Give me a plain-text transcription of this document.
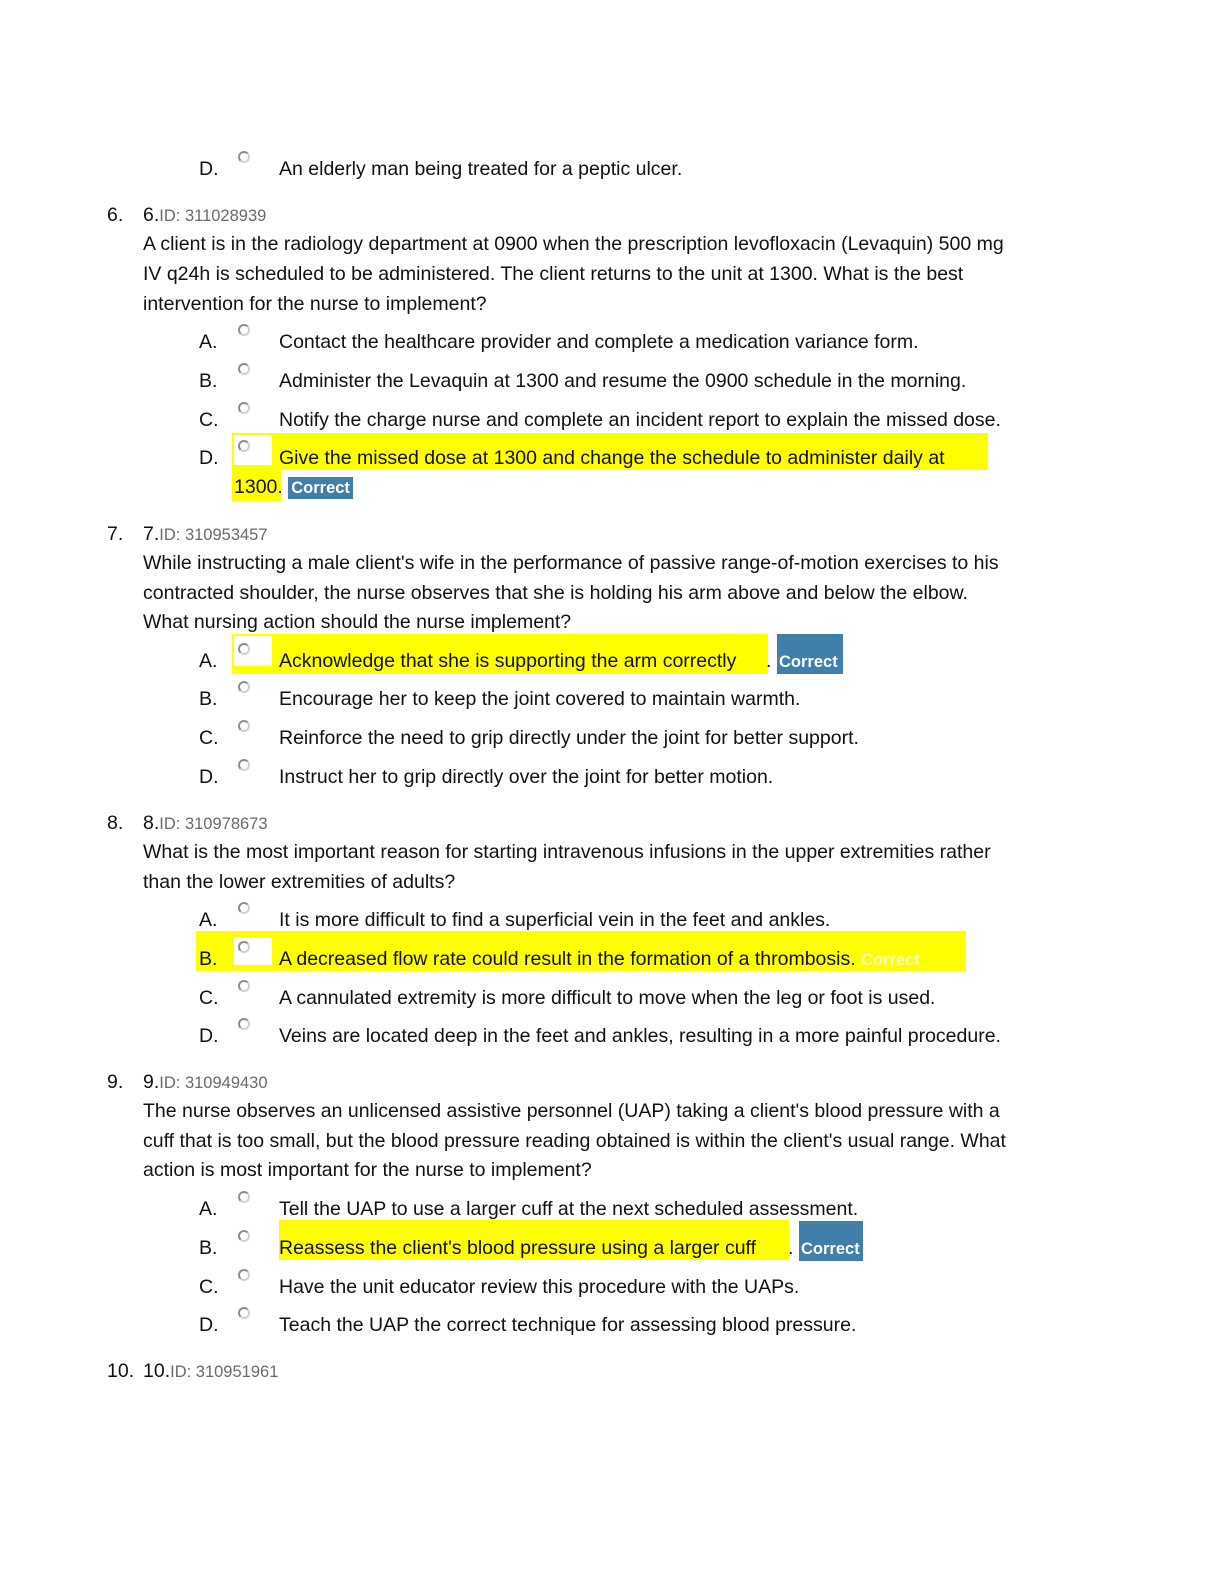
D.	An elderly man being treated for a peptic ulcer.
6. 6.ID: 311028939
A client is in the radiology department at 0900 when the prescription levofloxacin (Levaquin) 500 mg
IV q24h is scheduled to be administered. The client returns to the unit at 1300. What is the best
intervention for the nurse to implement?
A.	Contact the healthcare provider and complete a medication variance form.
B.	Administer the Levaquin at 1300 and resume the 0900 schedule in the morning.
C.	Notify the charge nurse and complete an incident report to explain the missed dose.
D.	Give the missed dose at 1300 and change the schedule to administer daily at
1300. Correct
7. 7.ID: 310953457
While instructing a male client's wife in the performance of passive range-of-motion exercises to his
contracted shoulder, the nurse observes that she is holding his arm above and below the elbow.
What nursing action should the nurse implement?
A.	Acknowledge that she is supporting the arm correctly . Correct
B.	Encourage her to keep the joint covered to maintain warmth.
C.	Reinforce the need to grip directly under the joint for better support.
D.	Instruct her to grip directly over the joint for better motion.
8. 8.ID: 310978673
What is the most important reason for starting intravenous infusions in the upper extremities rather
than the lower extremities of adults?
A.	It is more difficult to find a superficial vein in the feet and ankles.
B.	A decreased flow rate could result in the formation of a thrombosis. Correct
C.	A cannulated extremity is more difficult to move when the leg or foot is used.
D.	Veins are located deep in the feet and ankles, resulting in a more painful procedure.
9. 9.ID: 310949430
The nurse observes an unlicensed assistive personnel (UAP) taking a client's blood pressure with a
cuff that is too small, but the blood pressure reading obtained is within the client's usual range. What
action is most important for the nurse to implement?
A.	Tell the UAP to use a larger cuff at the next scheduled assessment.
B.	Reassess the client's blood pressure using a larger cuff . Correct
C.	Have the unit educator review this procedure with the UAPs.
D.	Teach the UAP the correct technique for assessing blood pressure.
10. 10.ID: 310951961
